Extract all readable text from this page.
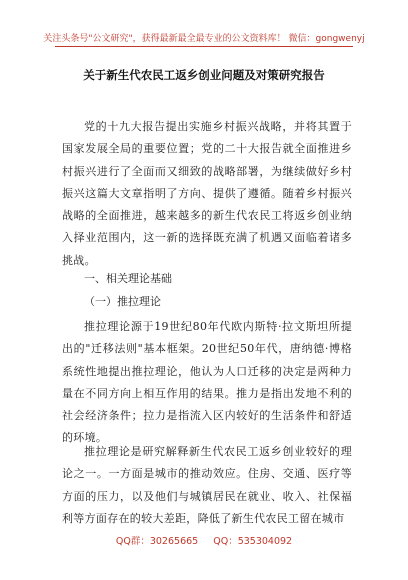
关注头条号"公文研究"，获得最新最全最专业的公文资料库！ 微信：gongwenyj
关于新生代农民工返乡创业问题及对策研究报告
党的十九大报告提出实施乡村振兴战略，并将其置于国家发展全局的重要位置；党的二十大报告就全面推进乡村振兴进行了全面而又细致的战略部署，为继续做好乡村振兴这篇大文章指明了方向、提供了遵循。随着乡村振兴战略的全面推进，越来越多的新生代农民工将返乡创业纳入择业范围内，这一新的选择既充满了机遇又面临着诸多挑战。
一、相关理论基础
（一）推拉理论
推拉理论源于19世纪80年代欧内斯特·拉文斯坦所提出的"迁移法则"基本框架。20世纪50年代，唐纳德·博格系统性地提出推拉理论，他认为人口迁移的决定是两种力量在不同方向上相互作用的结果。推力是指出发地不利的社会经济条件；拉力是指流入区内较好的生活条件和舒适的环境。
推拉理论是研究解释新生代农民工返乡创业较好的理论之一。一方面是城市的推动效应。住房、交通、医疗等方面的压力，以及他们与城镇居民在就业、收入、社保福利等方面存在的较大差距，降低了新生代农民工留在城市
QQ群：30265665 QQ：535304092
